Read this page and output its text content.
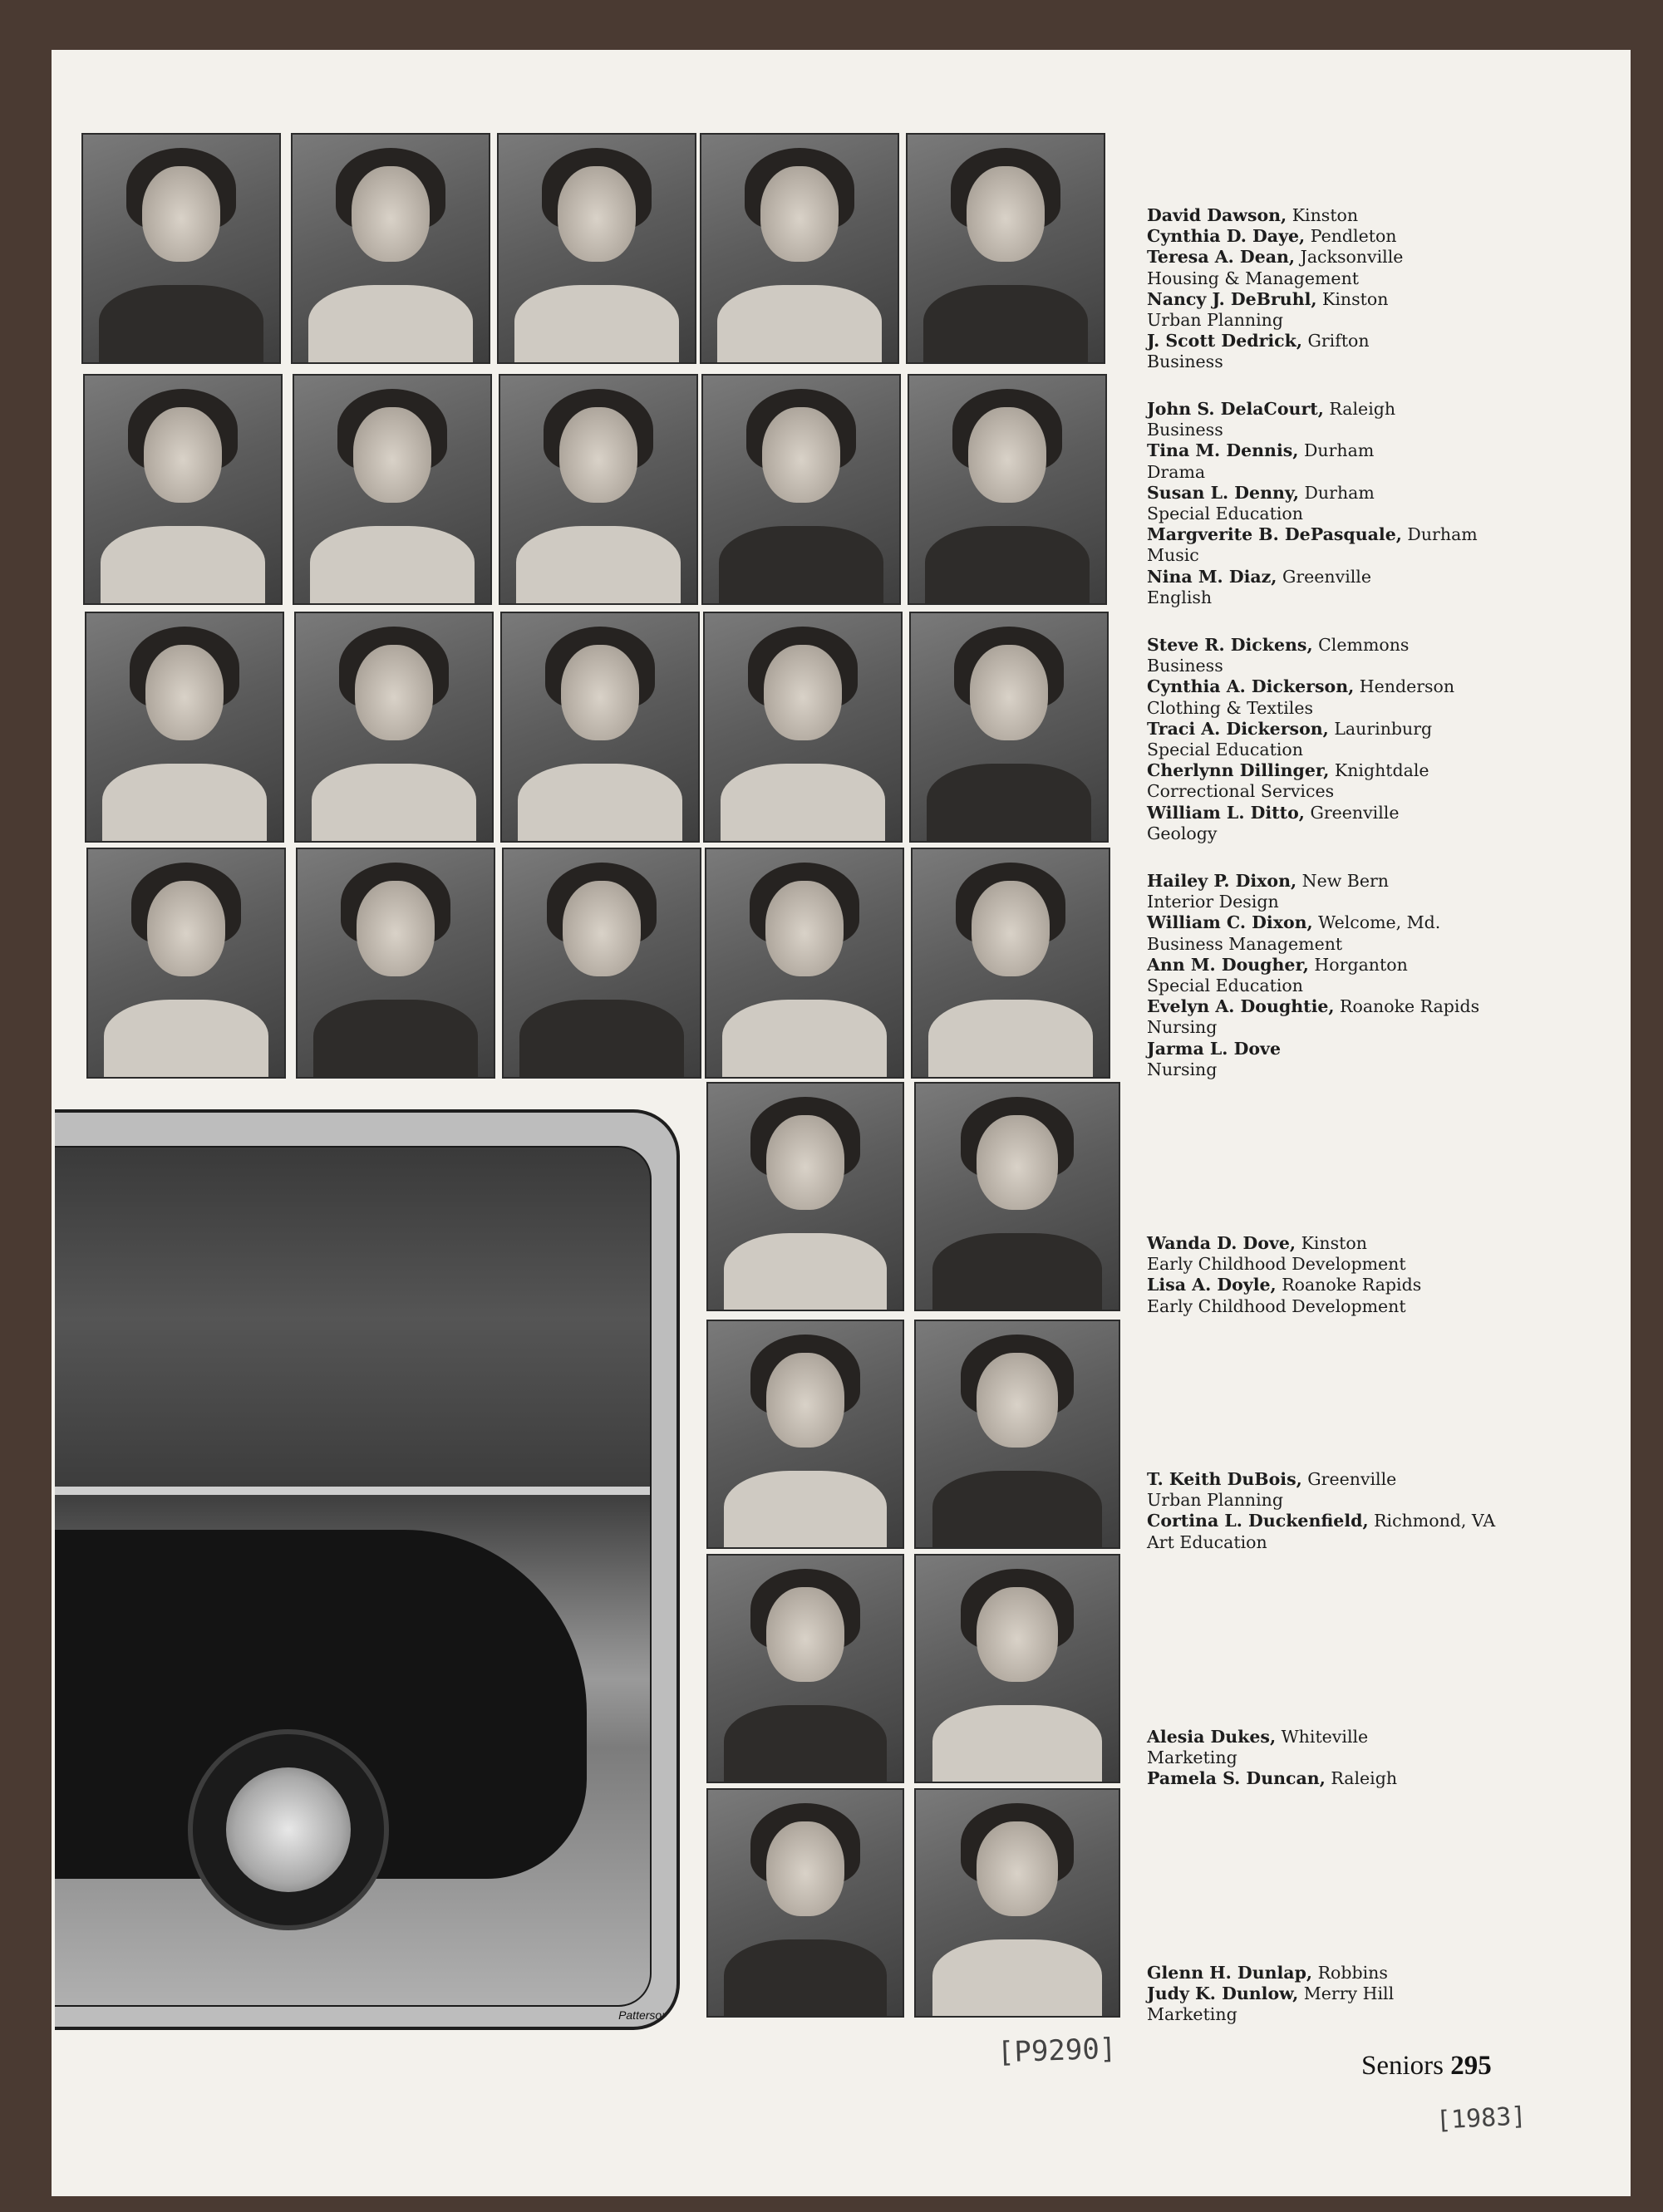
Patterson
David Dawson, Kinston
Cynthia D. Daye, Pendleton
Teresa A. Dean, Jacksonville
Housing & Management
Nancy J. DeBruhl, Kinston
Urban Planning
J. Scott Dedrick, Grifton
Business
John S. DelaCourt, Raleigh
Business
Tina M. Dennis, Durham
Drama
Susan L. Denny, Durham
Special Education
Margverite B. DePasquale, Durham
Music
Nina M. Diaz, Greenville
English
Steve R. Dickens, Clemmons
Business
Cynthia A. Dickerson, Henderson
Clothing & Textiles
Traci A. Dickerson, Laurinburg
Special Education
Cherlynn Dillinger, Knightdale
Correctional Services
William L. Ditto, Greenville
Geology
Hailey P. Dixon, New Bern
Interior Design
William C. Dixon, Welcome, Md.
Business Management
Ann M. Dougher, Horganton
Special Education
Evelyn A. Doughtie, Roanoke Rapids
Nursing
Jarma L. Dove
Nursing
Wanda D. Dove, Kinston
Early Childhood Development
Lisa A. Doyle, Roanoke Rapids
Early Childhood Development
T. Keith DuBois, Greenville
Urban Planning
Cortina L. Duckenfield, Richmond, VA
Art Education
Alesia Dukes, Whiteville
Marketing
Pamela S. Duncan, Raleigh
Glenn H. Dunlap, Robbins
Judy K. Dunlow, Merry Hill
Marketing
Seniors 295
[P9290]
[1983]
